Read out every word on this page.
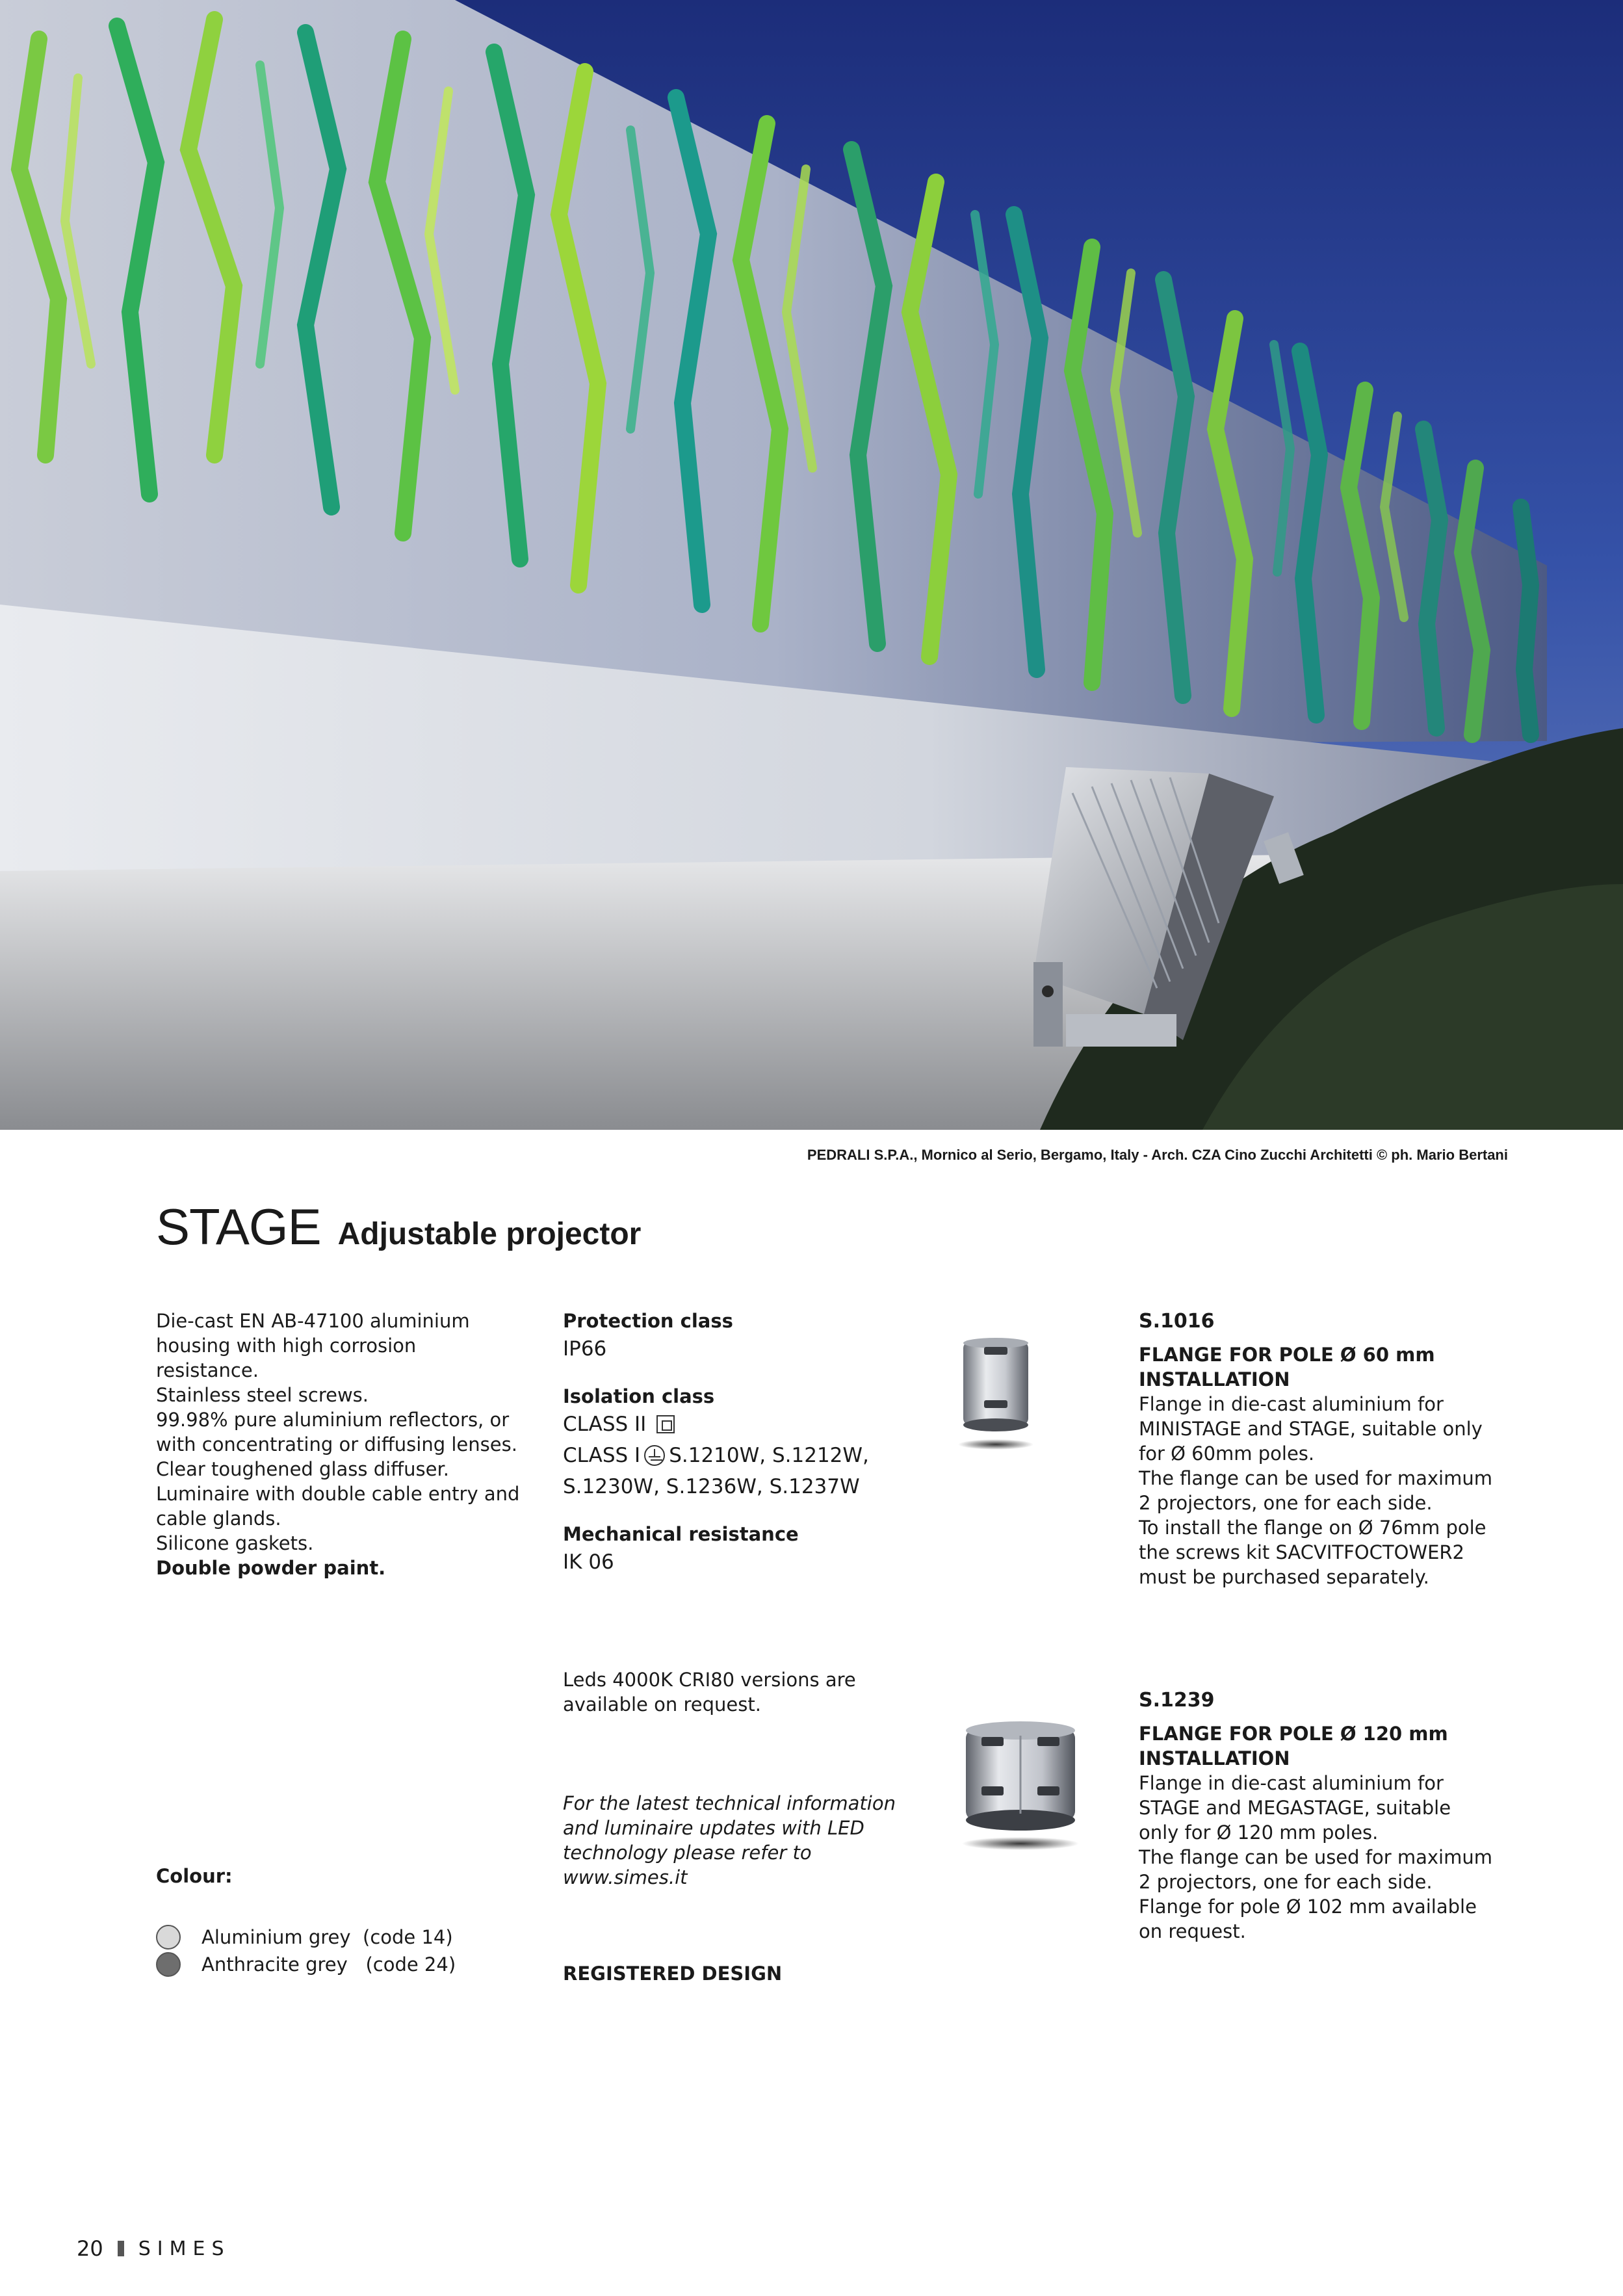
PEDRALI S.P.A., Mornico al Serio, Bergamo, Italy - Arch. CZA Cino Zucchi Architetti © ph. Mario Bertani
STAGE Adjustable projector
Die-cast EN AB-47100 aluminium
housing with high corrosion resistance.
Stainless steel screws.
99.98% pure aluminium reflectors, or
with concentrating or diffusing lenses.
Clear toughened glass diffuser.
Luminaire with double cable entry and
cable glands.
Silicone gaskets.
Double powder paint.
Protection class
IP66
Isolation class
CLASS II
CLASS I S.1210W, S.1212W,
S.1230W, S.1236W, S.1237W
Mechanical resistance
IK 06
Leds 4000K CRI80 versions are
available on request.
For the latest technical information
and luminaire updates with LED
technology please refer to
www.simes.it
REGISTERED DESIGN
S.1016
FLANGE FOR POLE Ø 60 mm
INSTALLATION
Flange in die-cast aluminium for
MINISTAGE and STAGE, suitable only
for Ø 60mm poles.
The flange can be used for maximum
2 projectors, one for each side.
To install the flange on Ø 76mm pole
the screws kit SACVITFOCTOWER2
must be purchased separately.
S.1239
FLANGE FOR POLE Ø 120 mm
INSTALLATION
Flange in die-cast aluminium for
STAGE and MEGASTAGE, suitable
only for Ø 120 mm poles.
The flange can be used for maximum
2 projectors, one for each side.
Flange for pole Ø 102 mm available
on request.
Colour:
Aluminium grey
(code 14)
Anthracite grey
(code 24)
20 SIMES
